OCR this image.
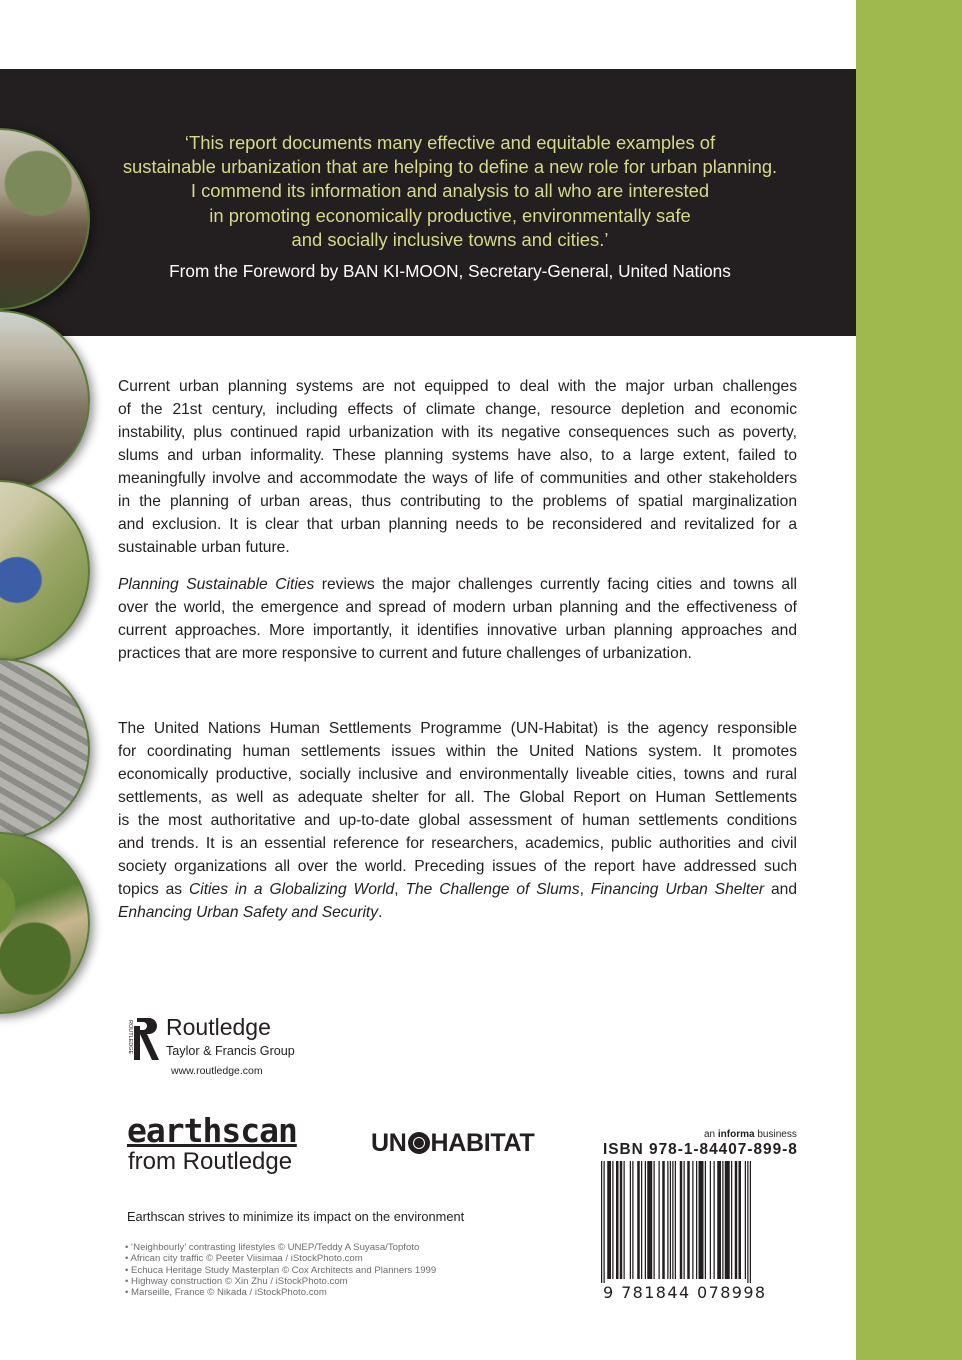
‘This report documents many effective and equitable examples of
sustainable urbanization that are helping to define a new role for urban planning.
I commend its information and analysis to all who are interested
in promoting economically productive, environmentally safe
and socially inclusive towns and cities.’
From the Foreword by BAN KI-MOON, Secretary-General, United Nations
Current urban planning systems are not equipped to deal with the major urban challenges
of the 21st century, including effects of climate change, resource depletion and economic
instability, plus continued rapid urbanization with its negative consequences such as poverty,
slums and urban informality. These planning systems have also, to a large extent, failed to
meaningfully involve and accommodate the ways of life of communities and other stakeholders
in the planning of urban areas, thus contributing to the problems of spatial marginalization
and exclusion. It is clear that urban planning needs to be reconsidered and revitalized for a
sustainable urban future.
Planning Sustainable Cities reviews the major challenges currently facing cities and towns all
over the world, the emergence and spread of modern urban planning and the effectiveness of
current approaches. More importantly, it identifies innovative urban planning approaches and
practices that are more responsive to current and future challenges of urbanization.
The United Nations Human Settlements Programme (UN-Habitat) is the agency responsible
for coordinating human settlements issues within the United Nations system. It promotes
economically productive, socially inclusive and environmentally liveable cities, towns and rural
settlements, as well as adequate shelter for all. The Global Report on Human Settlements
is the most authoritative and up-to-date global assessment of human settlements conditions
and trends. It is an essential reference for researchers, academics, public authorities and civil
society organizations all over the world. Preceding issues of the report have addressed such
topics as Cities in a Globalizing World, The Challenge of Slums, Financing Urban Shelter and
Enhancing Urban Safety and Security.
ROUTLEDGE Routledge
Taylor & Francis Group
www.routledge.com
earthscan
from Routledge
UN HABITAT	an informa business
ISBN 978-1-84407-899-8
9 781844 078998
Earthscan strives to minimize its impact on the environment
• ‘Neighbourly’ contrasting lifestyles © UNEP/Teddy A Suyasa/Topfoto
• African city traffic © Peeter Viisimaa / iStockPhoto.com
• Echuca Heritage Study Masterplan © Cox Architects and Planners 1999
• Highway construction © Xin Zhu / iStockPhoto.com
• Marseille, France © Nikada / iStockPhoto.com
